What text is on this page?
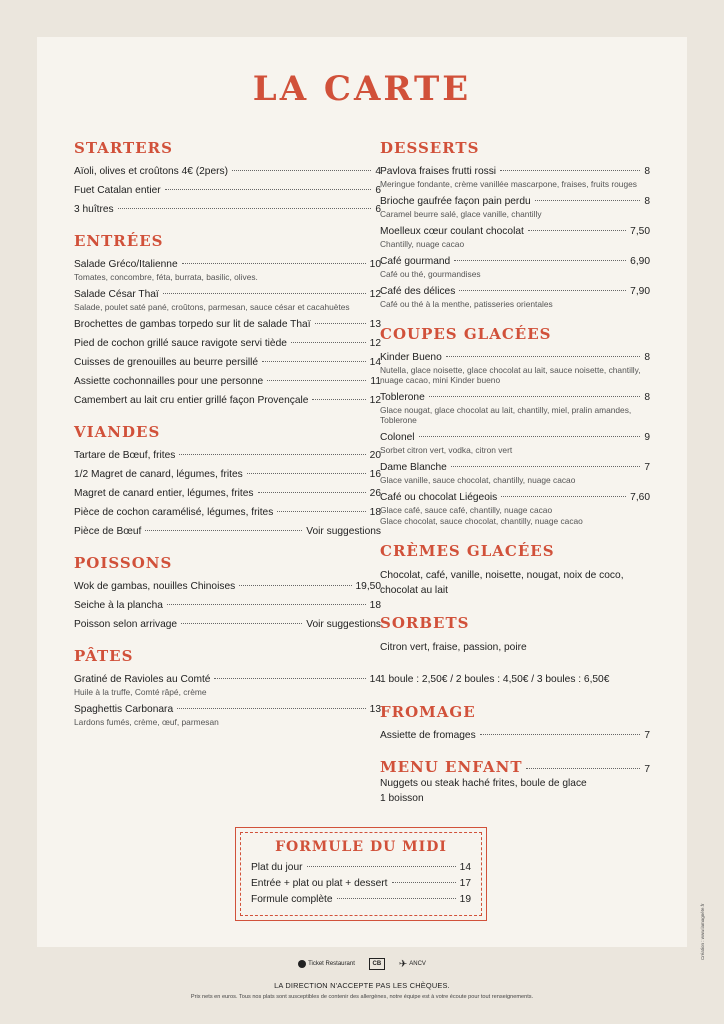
LA CARTE
STARTERS
Aïoli, olives et croûtons 4€ (2pers)	4
Fuet Catalan entier	6
3 huîtres	6
ENTRÉES
Salade Gréco/Italienne	10
Tomates, concombre, féta, burrata, basilic, olives.
Salade César Thaï	12
Salade, poulet saté pané, croûtons, parmesan, sauce césar et cacahuètes
Brochettes de gambas torpedo sur lit de salade Thaï	13
Pied de cochon grillé sauce ravigote servi tiède	12
Cuisses de grenouilles au beurre persillé	14
Assiette cochonnailles pour une personne	11
Camembert au lait cru entier grillé façon Provençale	12
VIANDES
Tartare de Bœuf, frites	20
1/2 Magret de canard, légumes, frites	16
Magret de canard entier, légumes, frites	26
Pièce de cochon caramélisé, légumes, frites	18
Pièce de Bœuf	Voir suggestions
POISSONS
Wok de gambas, nouilles Chinoises	19,50
Seiche à la plancha	18
Poisson selon arrivage	Voir suggestions
PÂTES
Gratiné de Ravioles au Comté	14
Huile à la truffe, Comté râpé, crème
Spaghettis Carbonara	13
Lardons fumés, crème, œuf, parmesan
DESSERTS
Pavlova fraises frutti rossi	8
Meringue fondante, crème vanillée mascarpone, fraises, fruits rouges
Brioche gaufrée façon pain perdu	8
Caramel beurre salé, glace vanille, chantilly
Moelleux cœur coulant chocolat	7,50
Chantilly, nuage cacao
Café gourmand	6,90
Café ou thé, gourmandises
Café des délices	7,90
Café ou thé à la menthe, patisseries orientales
COUPES GLACÉES
Kinder Bueno	8
Nutella, glace noisette, glace chocolat au lait, sauce noisette, chantilly, nuage cacao, mini Kinder bueno
Toblerone	8
Glace nougat, glace chocolat au lait, chantilly, miel, pralin amandes, Toblerone
Colonel	9
Sorbet citron vert, vodka, citron vert
Dame Blanche	7
Glace vanille, sauce chocolat, chantilly, nuage cacao
Café ou chocolat Liégeois	7,60
Glace café, sauce café, chantilly, nuage cacao
Glace chocolat, sauce chocolat, chantilly, nuage cacao
CRÈMES GLACÉES
Chocolat, café, vanille, noisette, nougat, noix de coco, chocolat au lait
SORBETS
Citron vert, fraise, passion, poire
1 boule : 2,50€ / 2 boules : 4,50€ / 3 boules : 6,50€
FROMAGE
Assiette de fromages	7
MENU ENFANT	7
Nuggets ou steak haché frites, boule de glace
1 boisson
FORMULE DU MIDI
Plat du jour	14
Entrée + plat ou plat + dessert	17
Formule complète	19
Ticket Restaurant	CB	✈ ANCV
LA DIRECTION N'ACCEPTE PAS LES CHÈQUES.
Prix nets en euros. Tous nos plats sont susceptibles de contenir des allergènes, notre équipe est à votre écoute pour tout renseignements.
Création : www.lamagnéte.fr
